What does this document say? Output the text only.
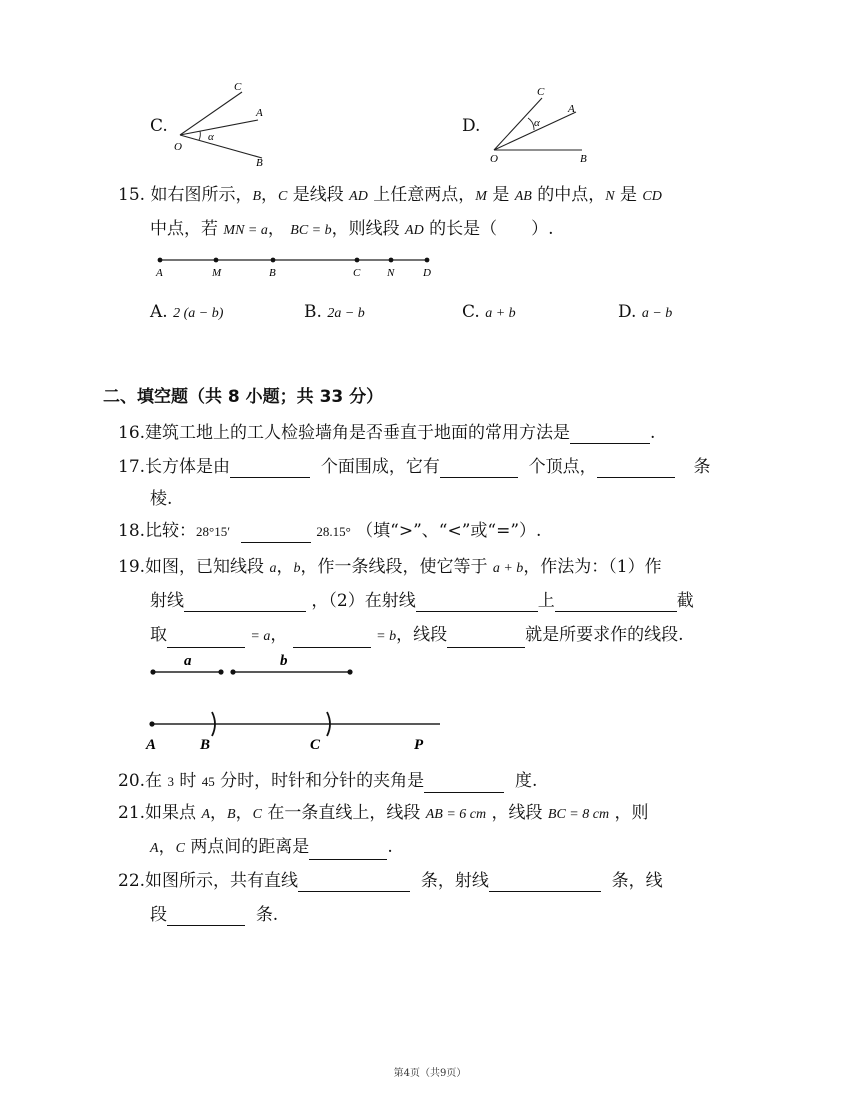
C.
C
A
O
B
α
D.
C
A
O	B
α
15. 如右图所示，B，C 是线段 AD 上任意两点，M 是 AB 的中点，N 是 CD
中点，若 MN = a， BC = b，则线段 AD 的长是（　　）.
A	M	B	C N	D
A. 2 (a − b)	B. 2a − b	C. a + b	D. a − b
二、填空题（共 8 小题；共 33 分）
16.建筑工地上的工人检验墙角是否垂直于地面的常用方法是	.
17.长方体是由	个面围成，它有	个顶点，	条
棱.
18.比较：28°15′	28.15° （填“>”、“<”或“=”）.
19.如图，已知线段 a，b，作一条线段，使它等于 a + b，作法为：（1）作
射线	，（2）在射线	上	截
取	= a，	= b，线段	就是所要求作的线段.
a	b
A	B	C	P
20.在 3 时 45 分时，时针和分针的夹角是	度.
21.如果点 A，B，C 在一条直线上，线段 AB = 6 cm ，线段 BC = 8 cm ，则
A，C 两点间的距离是	.
22.如图所示，共有直线	条，射线	条，线
段	条.
第4页（共9页）
